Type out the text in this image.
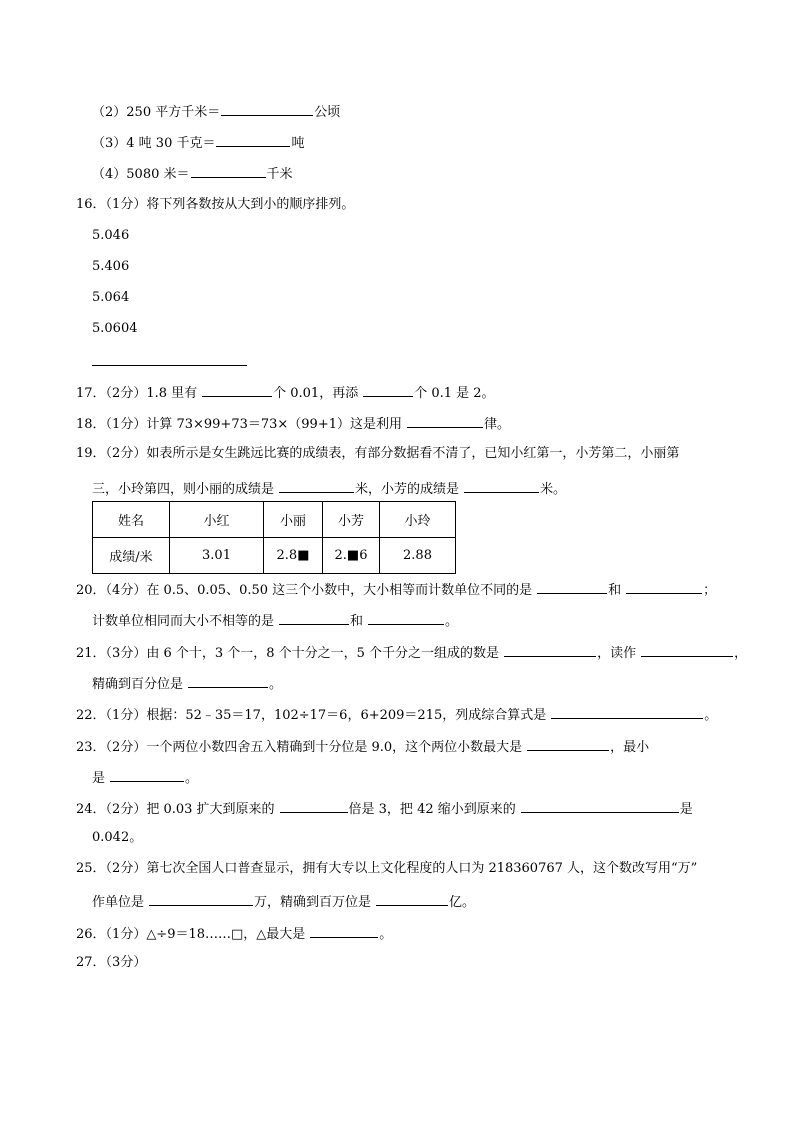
（2）250 平方千米＝	公顷
（3）4 吨 30 千克＝	吨
（4）5080 米＝	千米
16．（1分）将下列各数按从大到小的顺序排列。
5.046
5.406
5.064
5.0604
17．（2分）1.8 里有	个 0.01，再添	个 0.1 是 2。
18．（1分）计算 73×99+73＝73×（99+1）这是利用	律。
19．（2分）如表所示是女生跳远比赛的成绩表，有部分数据看不清了，已知小红第一，小芳第二，小丽第
三，小玲第四，则小丽的成绩是	米，小芳的成绩是	米。
姓名	小红	小丽	小芳	小玲
成绩/米	3.01	2.8■	2.■6	2.88
20．（4分）在 0.5、0.05、0.50 这三个小数中，大小相等而计数单位不同的是	和	；
计数单位相同而大小不相等的是	和	。
21．（3分）由 6 个十，3 个一，8 个十分之一，5 个千分之一组成的数是	，读作	，
精确到百分位是	。
22．（1分）根据：52﹣35＝17，102÷17＝6，6+209＝215，列成综合算式是	。
23．（2分）一个两位小数四舍五入精确到十分位是 9.0，这个两位小数最大是	，最小
是	。
24．（2分）把 0.03 扩大到原来的	倍是 3，把 42 缩小到原来的	是
0.042。
25．（2分）第七次全国人口普查显示，拥有大专以上文化程度的人口为 218360767 人，这个数改写用“万”
作单位是	万，精确到百万位是	亿。
26．（1分）△÷9＝18……□，△最大是	。
27．（3分）
